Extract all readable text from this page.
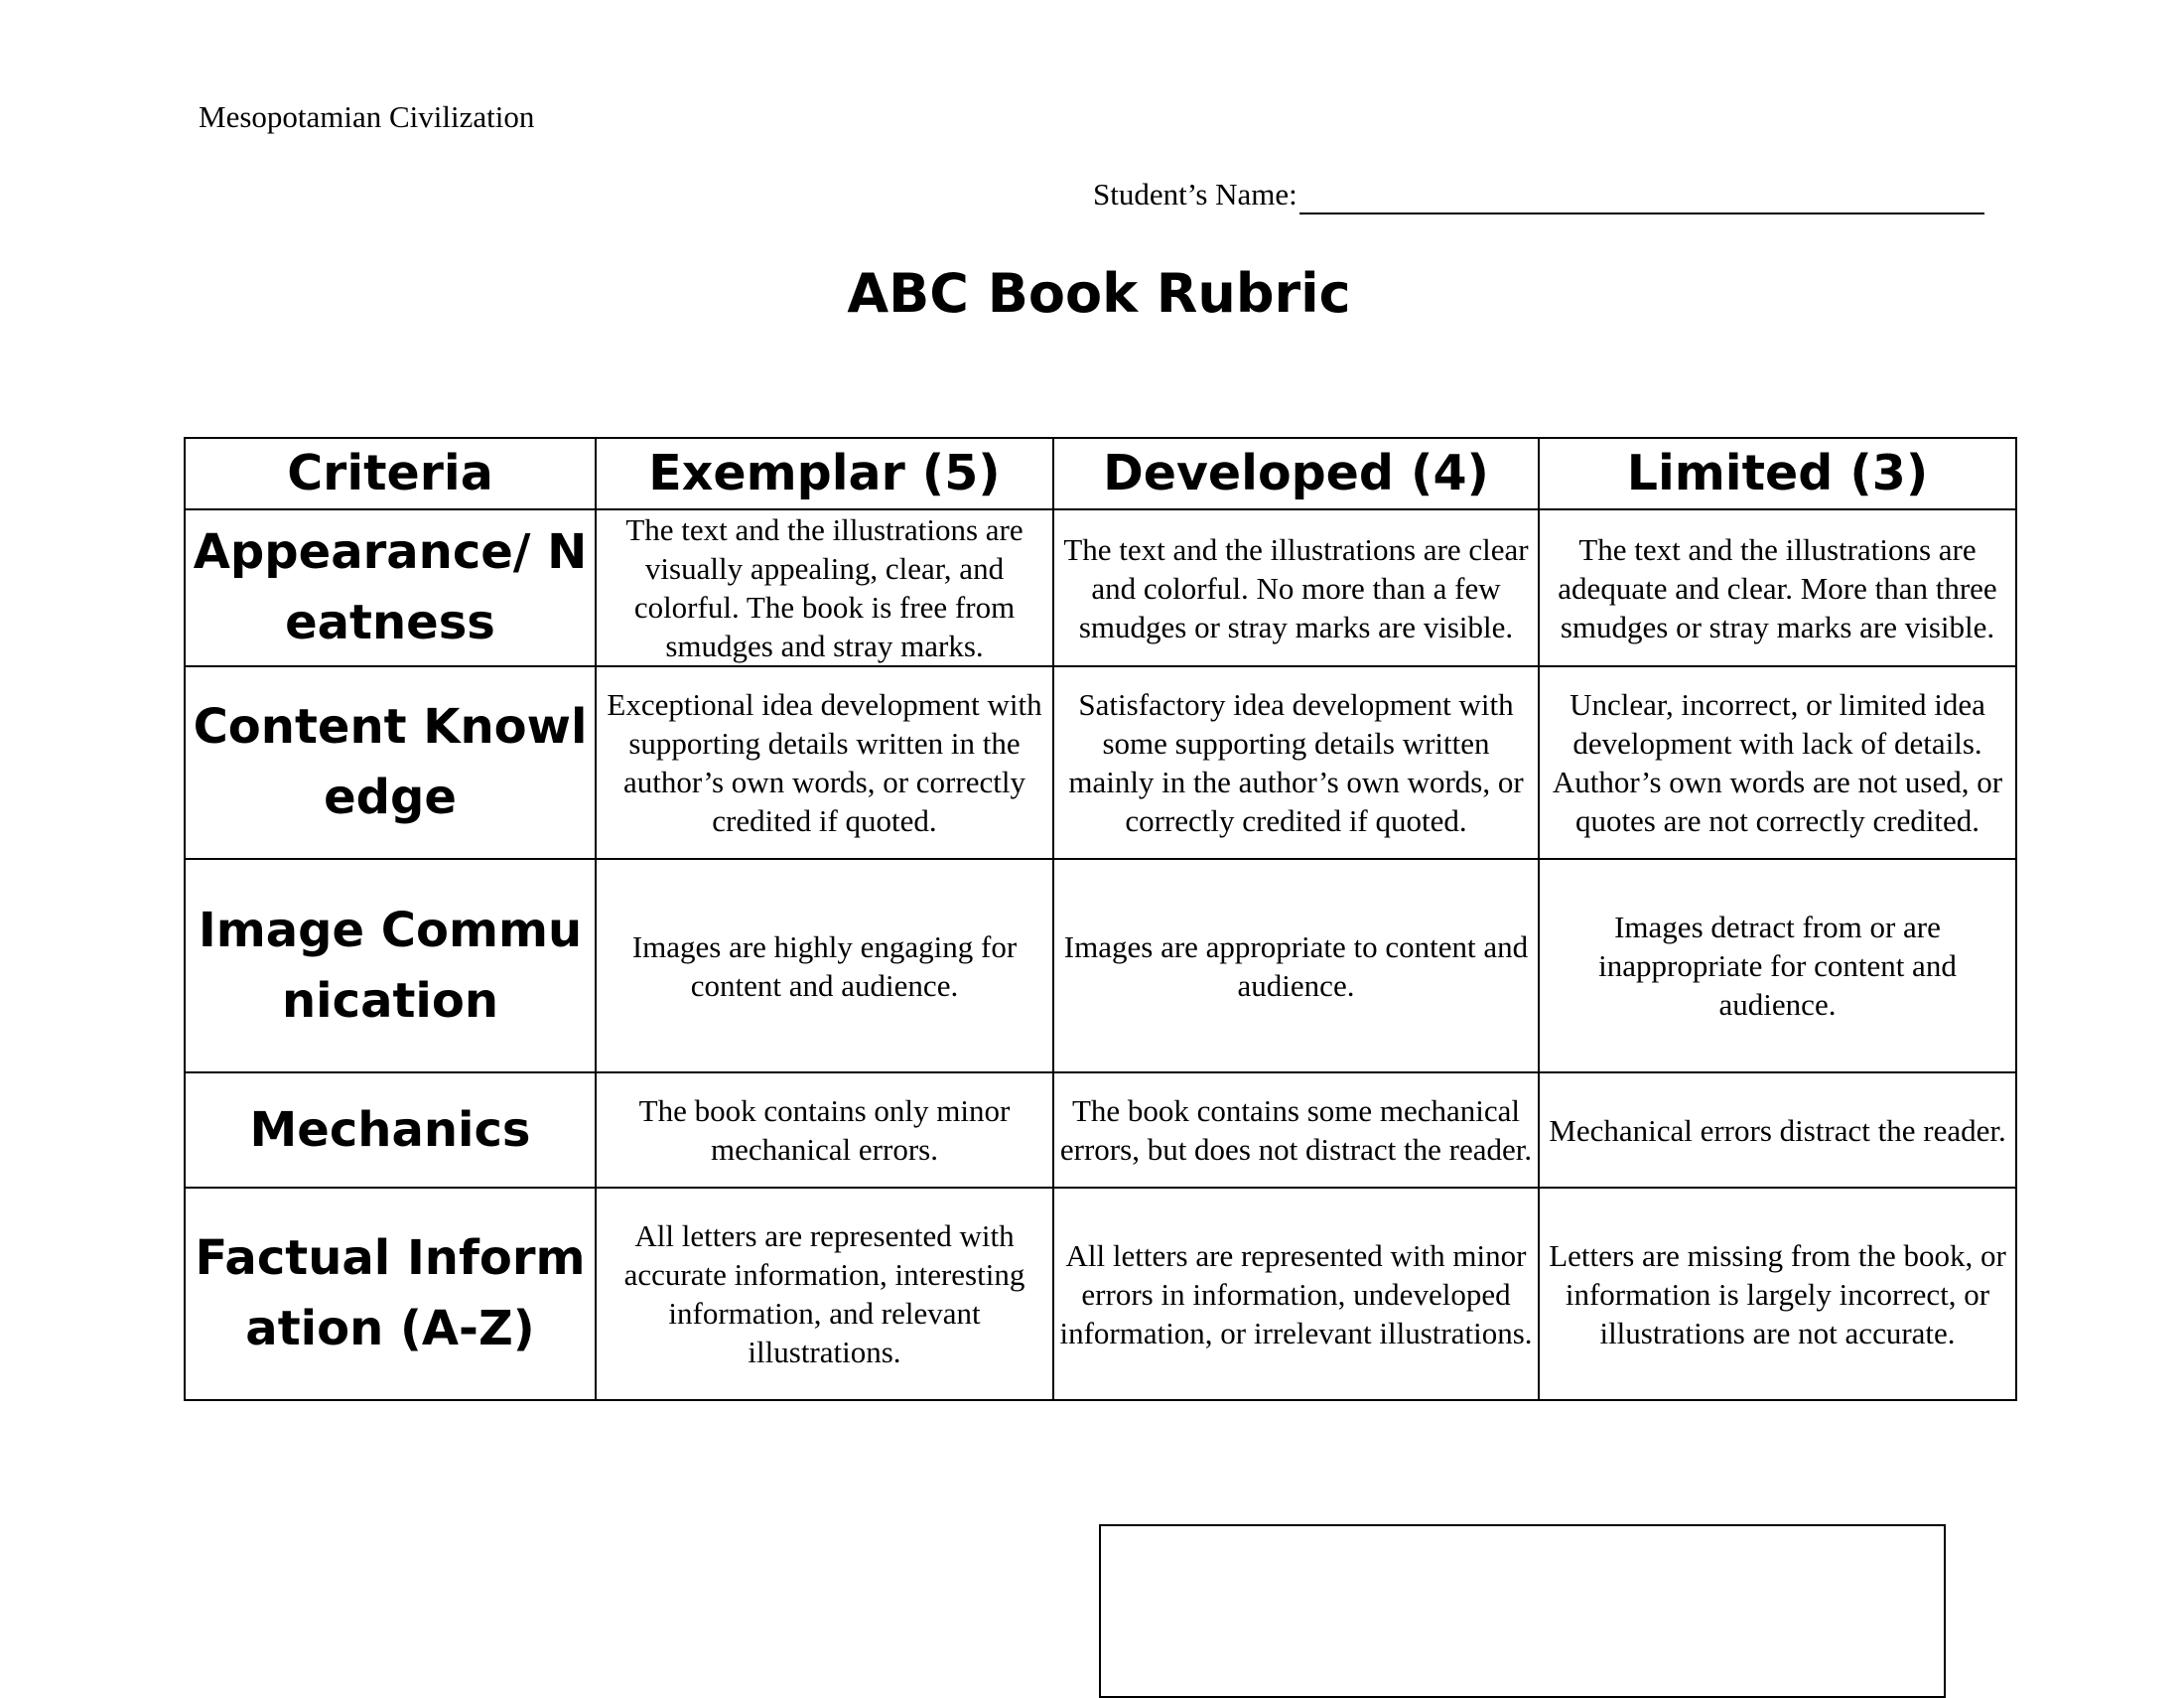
Mesopotamian Civilization
Student’s Name:
ABC Book Rubric
Criteria	Exemplar (5)	Developed (4)	Limited (3)
Appearance/ Neatness	The text and the illustrations are visually appealing, clear, and colorful. The book is free from smudges and stray marks.	The text and the illustrations are clear and colorful. No more than a few smudges or stray marks are visible.	The text and the illustrations are adequate and clear. More than three smudges or stray marks are visible.
Content Knowledge	Exceptional idea development with supporting details written in the author’s own words, or correctly credited if quoted.	Satisfactory idea development with some supporting details written mainly in the author’s own words, or correctly credited if quoted.	Unclear, incorrect, or limited idea development with lack of details. Author’s own words are not used, or quotes are not correctly credited.
Image Communication	Images are highly engaging for content and audience.	Images are appropriate to content and audience.	Images detract from or are inappropriate for content and audience.
Mechanics	The book contains only minor mechanical errors.	The book contains some mechanical errors, but does not distract the reader.	Mechanical errors distract the reader.
Factual Information (A-Z)	All letters are represented with accurate information, interesting information, and relevant illustrations.	All letters are represented with minor errors in information, undeveloped information, or irrelevant illustrations.	Letters are missing from the book, or information is largely incorrect, or illustrations are not accurate.
